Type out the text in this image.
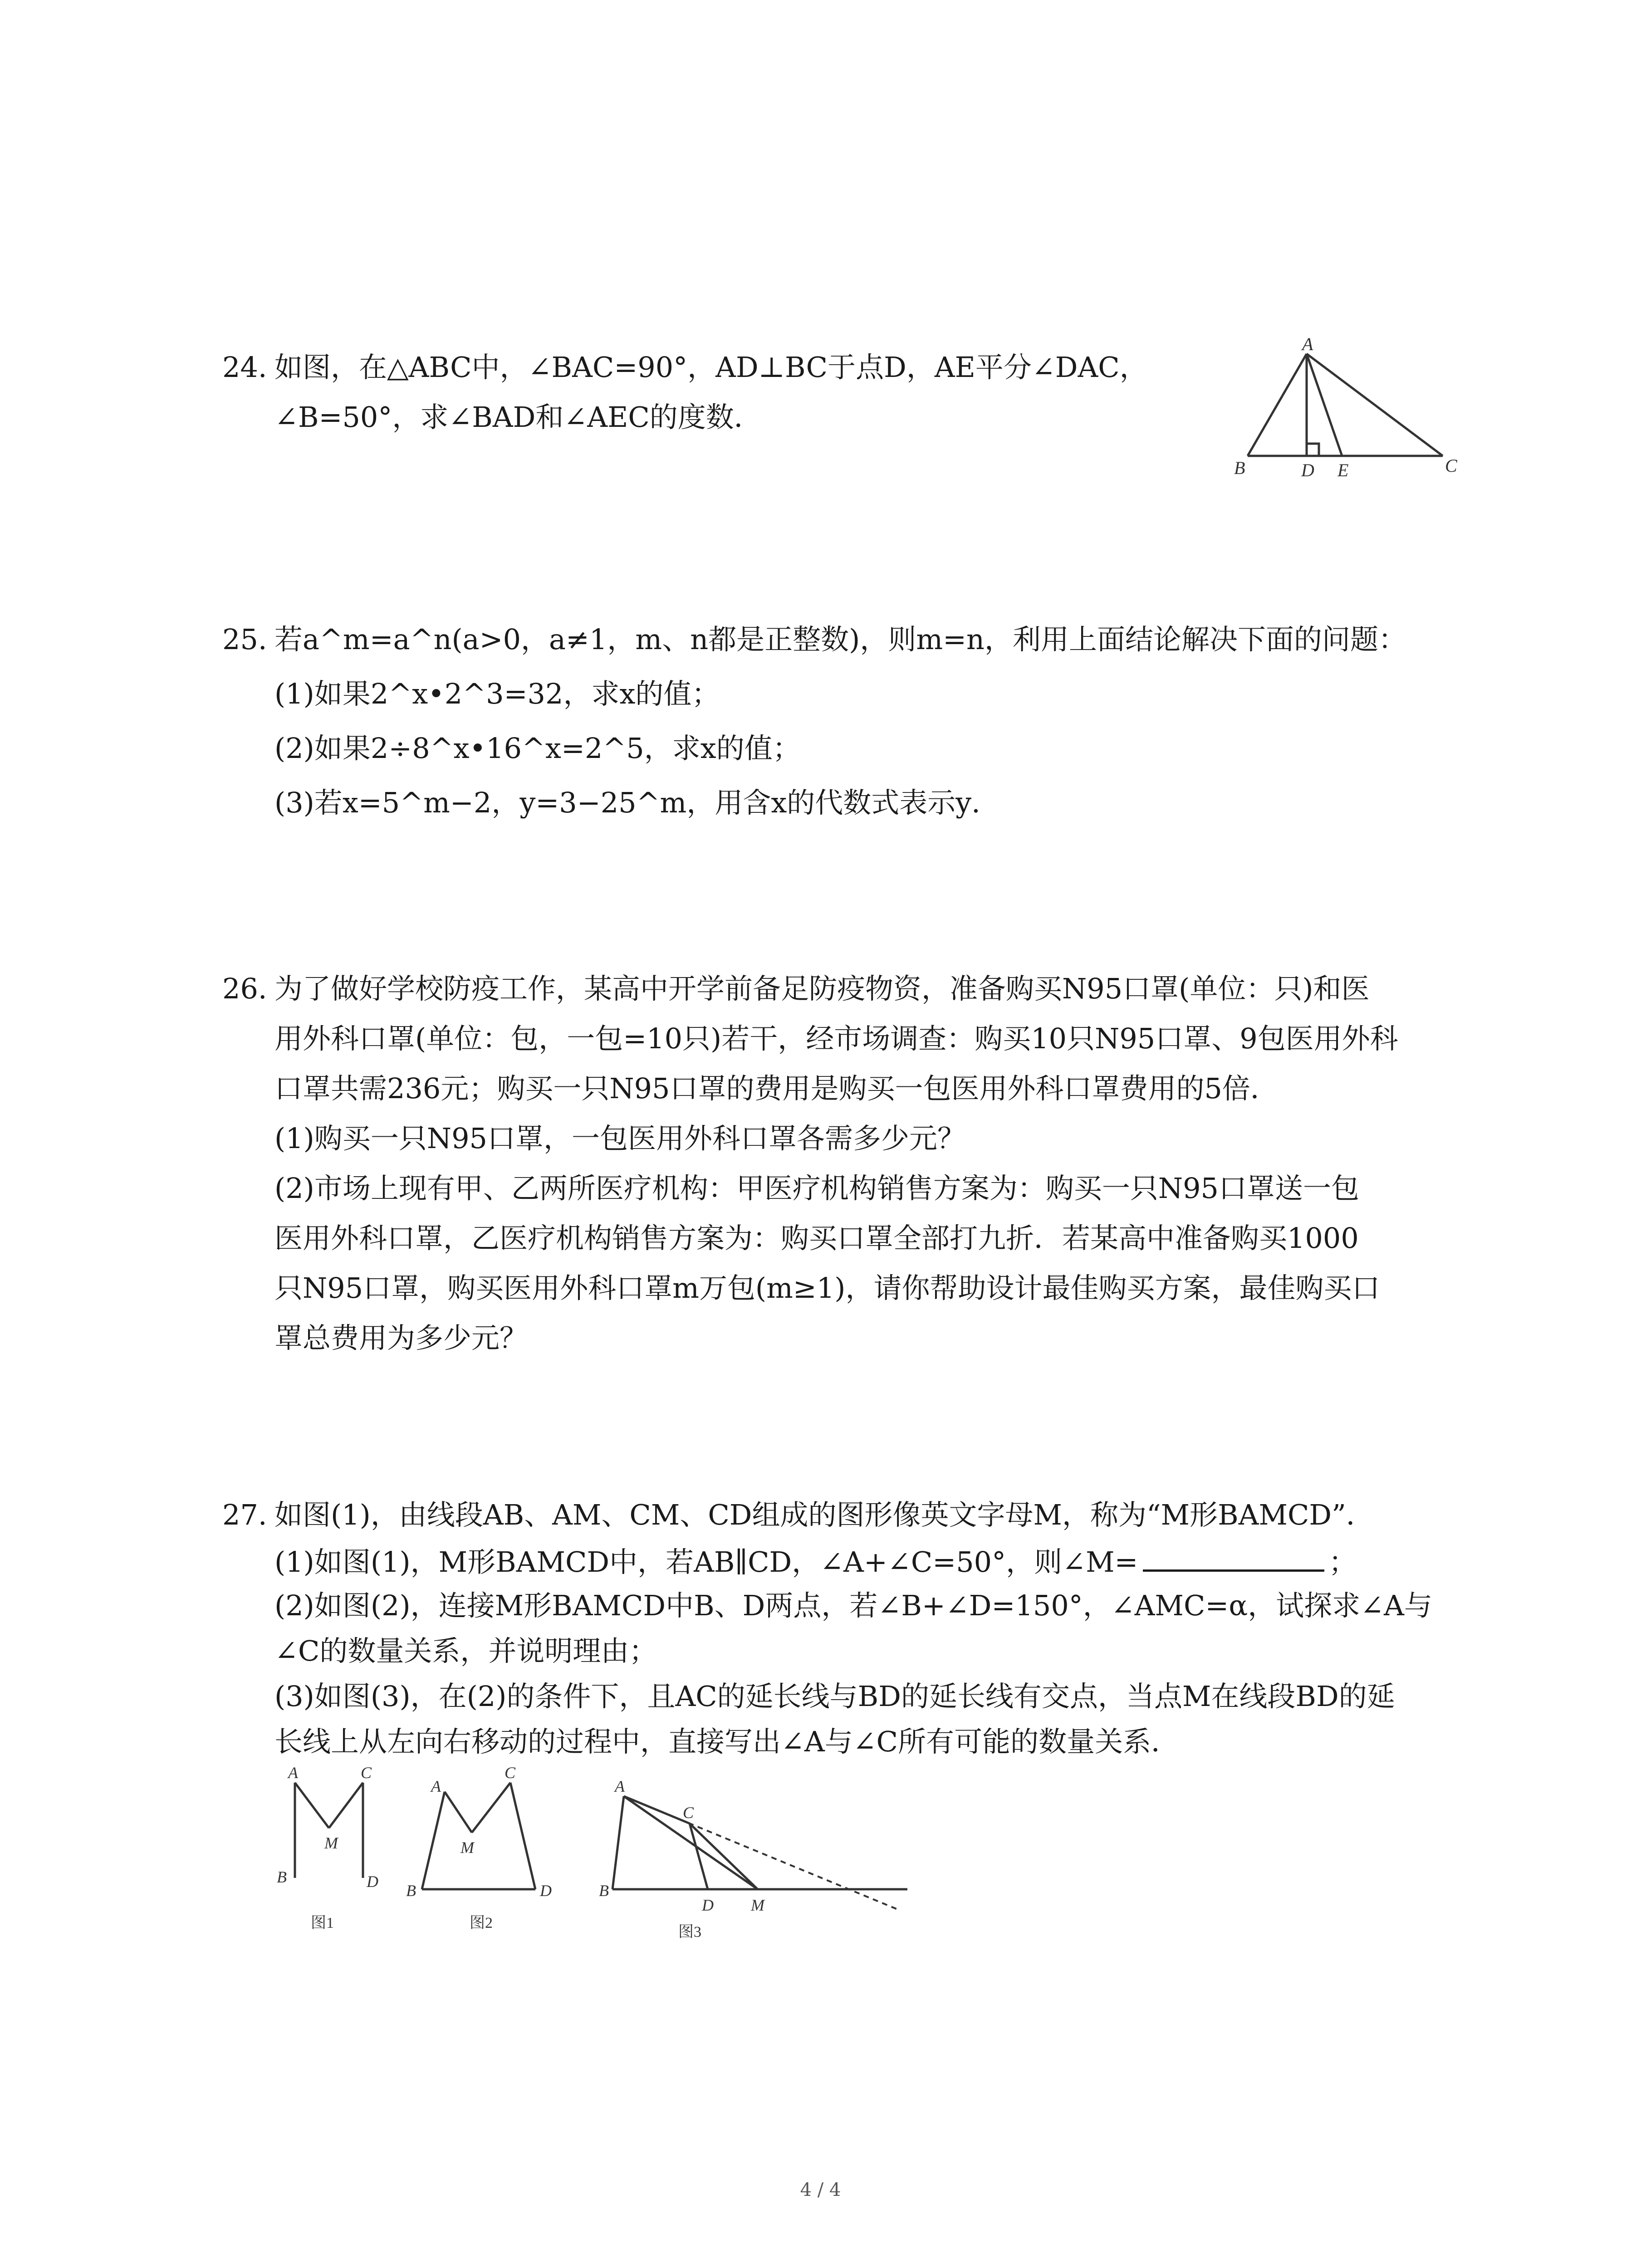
24. 如图，在△ABC中，∠BAC=90°，AD⊥BC于点D，AE平分∠DAC，
∠B=50°，求∠BAD和∠AEC的度数．
A
B	D E	C
25. 若a^m=a^n(a>0，a≠1，m、n都是正整数)，则m=n，利用上面结论解决下面的问题：
(1)如果2^x•2^3=32，求x的值；
(2)如果2÷8^x•16^x=2^5，求x的值；
(3)若x=5^m−2，y=3−25^m，用含x的代数式表示y．
26. 为了做好学校防疫工作，某高中开学前备足防疫物资，准备购买N95口罩(单位：只)和医
用外科口罩(单位：包，一包=10只)若干，经市场调查：购买10只N95口罩、9包医用外科
口罩共需236元；购买一只N95口罩的费用是购买一包医用外科口罩费用的5倍．
(1)购买一只N95口罩，一包医用外科口罩各需多少元？
(2)市场上现有甲、乙两所医疗机构：甲医疗机构销售方案为：购买一只N95口罩送一包
医用外科口罩，乙医疗机构销售方案为：购买口罩全部打九折．若某高中准备购买1000
只N95口罩，购买医用外科口罩m万包(m≥1)，请你帮助设计最佳购买方案，最佳购买口
罩总费用为多少元？
27. 如图(1)，由线段AB、AM、CM、CD组成的图形像英文字母M，称为“M形BAMCD”．
(1)如图(1)，M形BAMCD中，若AB∥CD，∠A+∠C=50°，则∠M=	；
(2)如图(2)，连接M形BAMCD中B、D两点，若∠B+∠D=150°，∠AMC=α，试探求∠A与
∠C的数量关系，并说明理由；
(3)如图(3)，在(2)的条件下，且AC的延长线与BD的延长线有交点，当点M在线段BD的延
长线上从左向右移动的过程中，直接写出∠A与∠C所有可能的数量关系．
A	C
M
B	D
图1
A
C
M
B	D
图2
A
C
B
D M
图3
4 / 4
